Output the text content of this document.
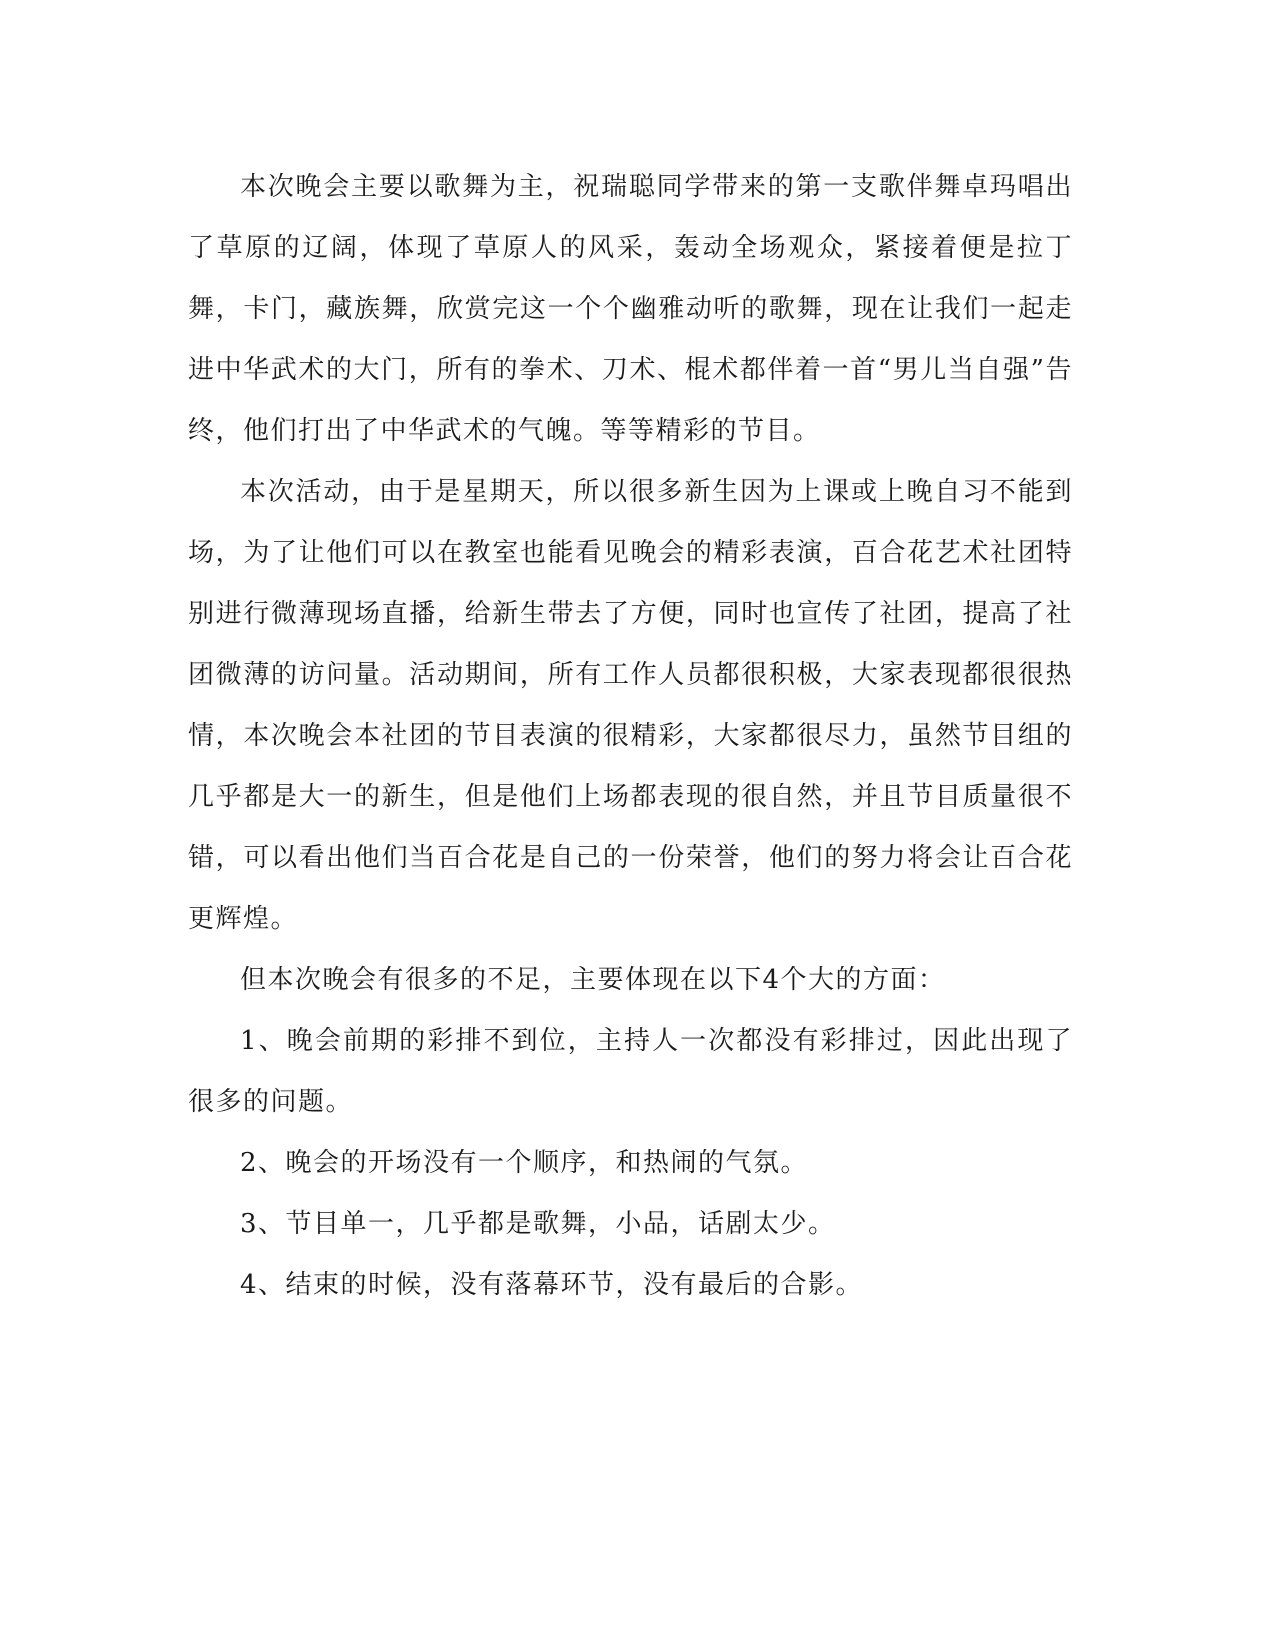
本次晚会主要以歌舞为主，祝瑞聪同学带来的第一支歌伴舞卓玛唱出了草原的辽阔，体现了草原人的风采，轰动全场观众，紧接着便是拉丁舞，卡门，藏族舞，欣赏完这一个个幽雅动听的歌舞，现在让我们一起走进中华武术的大门，所有的拳术、刀术、棍术都伴着一首“男儿当自强”告终，他们打出了中华武术的气魄。等等精彩的节目。

本次活动，由于是星期天，所以很多新生因为上课或上晚自习不能到场，为了让他们可以在教室也能看见晚会的精彩表演，百合花艺术社团特别进行微薄现场直播，给新生带去了方便，同时也宣传了社团，提高了社团微薄的访问量。活动期间，所有工作人员都很积极，大家表现都很很热情，本次晚会本社团的节目表演的很精彩，大家都很尽力，虽然节目组的几乎都是大一的新生，但是他们上场都表现的很自然，并且节目质量很不错，可以看出他们当百合花是自己的一份荣誉，他们的努力将会让百合花更辉煌。

但本次晚会有很多的不足，主要体现在以下4个大的方面：

1、晚会前期的彩排不到位，主持人一次都没有彩排过，因此出现了很多的问题。

2、晚会的开场没有一个顺序，和热闹的气氛。

3、节目单一，几乎都是歌舞，小品，话剧太少。

4、结束的时候，没有落幕环节，没有最后的合影。
